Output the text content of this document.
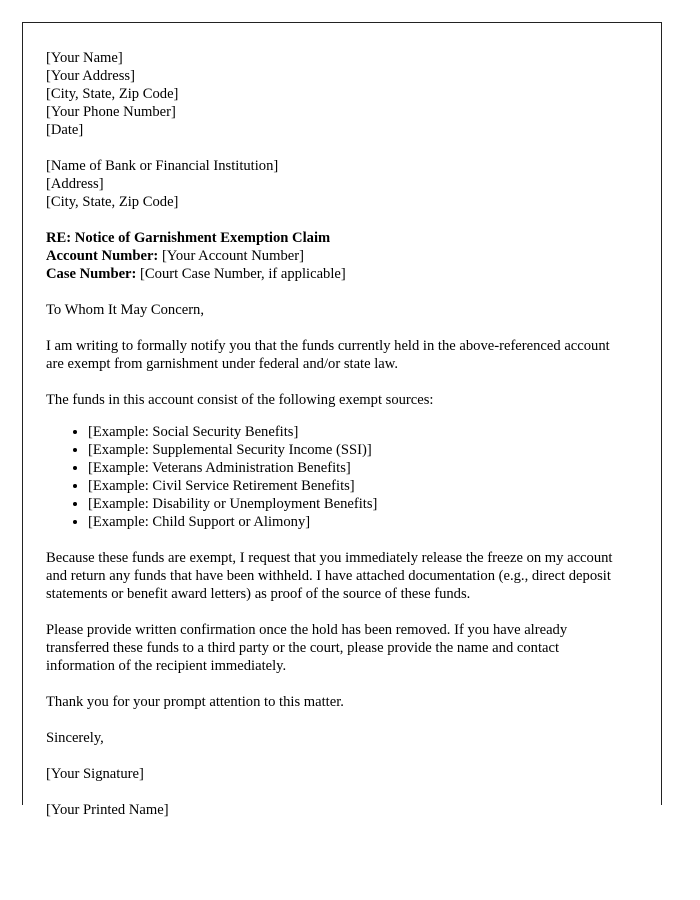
[Your Name]
[Your Address]
[City, State, Zip Code]
[Your Phone Number]
[Date]
[Name of Bank or Financial Institution]
[Address]
[City, State, Zip Code]
RE: Notice of Garnishment Exemption Claim
Account Number: [Your Account Number]
Case Number: [Court Case Number, if applicable]

To Whom It May Concern,

I am writing to formally notify you that the funds currently held in the above-referenced account are exempt from garnishment under federal and/or state law.

The funds in this account consist of the following exempt sources:

• [Example: Social Security Benefits]
• [Example: Supplemental Security Income (SSI)]
• [Example: Veterans Administration Benefits]
• [Example: Civil Service Retirement Benefits]
• [Example: Disability or Unemployment Benefits]
• [Example: Child Support or Alimony]

Because these funds are exempt, I request that you immediately release the freeze on my account and return any funds that have been withheld. I have attached documentation (e.g., direct deposit statements or benefit award letters) as proof of the source of these funds.

Please provide written confirmation once the hold has been removed. If you have already transferred these funds to a third party or the court, please provide the name and contact information of the recipient immediately.

Thank you for your prompt attention to this matter.

Sincerely,

[Your Signature]

[Your Printed Name]
